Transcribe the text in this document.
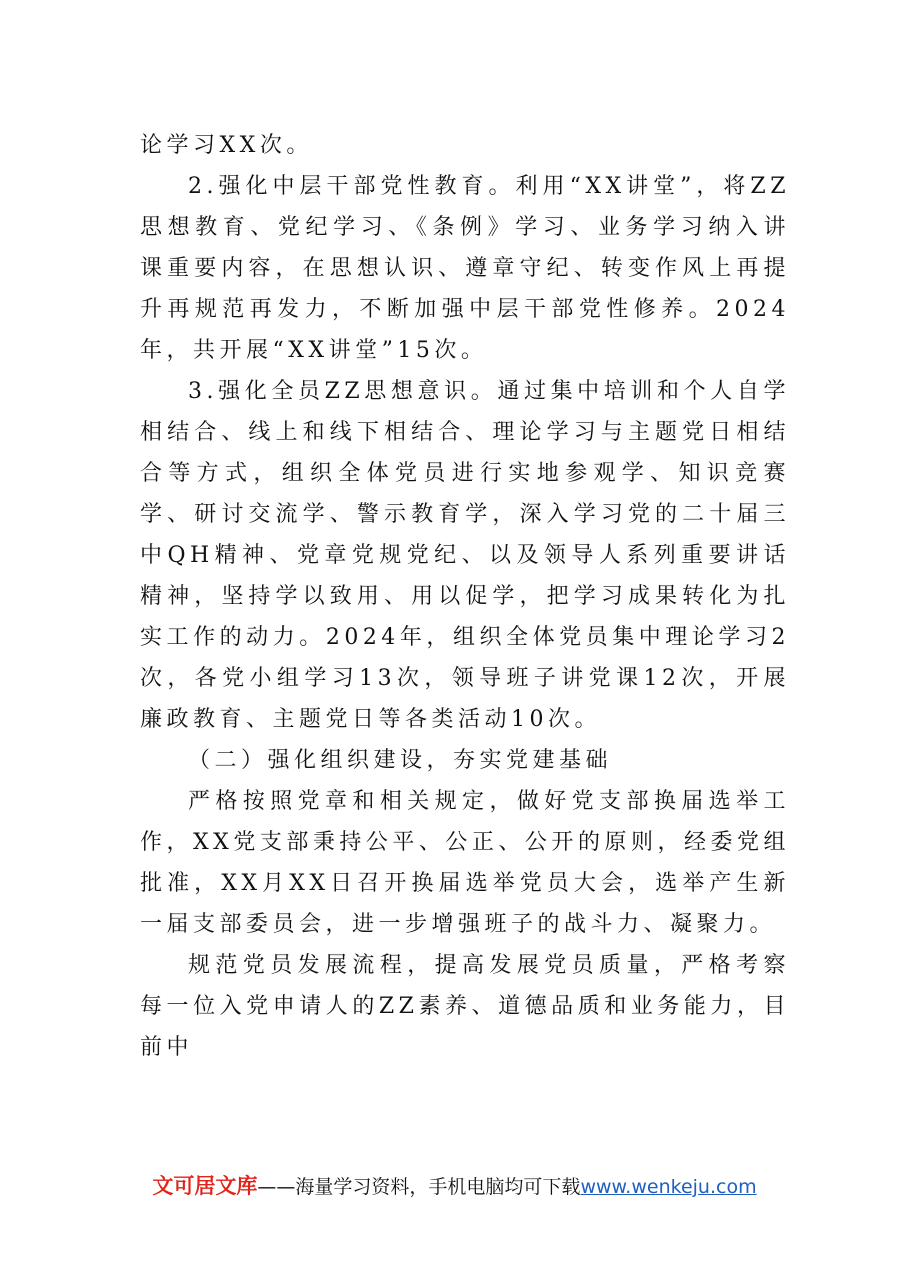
论学习XX次。

2.强化中层干部党性教育。利用“XX讲堂”，将ZZ思想教育、党纪学习、《条例》学习、业务学习纳入讲课重要内容，在思想认识、遵章守纪、转变作风上再提升再规范再发力，不断加强中层干部党性修养。2024年，共开展“XX讲堂”15次。

3.强化全员ZZ思想意识。通过集中培训和个人自学相结合、线上和线下相结合、理论学习与主题党日相结合等方式，组织全体党员进行实地参观学、知识竞赛学、研讨交流学、警示教育学，深入学习党的二十届三中QH精神、党章党规党纪、以及领导人系列重要讲话精神，坚持学以致用、用以促学，把学习成果转化为扎实工作的动力。2024年，组织全体党员集中理论学习2次，各党小组学习13次，领导班子讲党课12次，开展廉政教育、主题党日等各类活动10次。

（二）强化组织建设，夯实党建基础

严格按照党章和相关规定，做好党支部换届选举工作，XX党支部秉持公平、公正、公开的原则，经委党组批准，XX月XX日召开换届选举党员大会，选举产生新一届支部委员会，进一步增强班子的战斗力、凝聚力。

规范党员发展流程，提高发展党员质量，严格考察每一位入党申请人的ZZ素养、道德品质和业务能力，目前中

文可居文库——海量学习资料，手机电脑均可下载www.wenkeju.com
